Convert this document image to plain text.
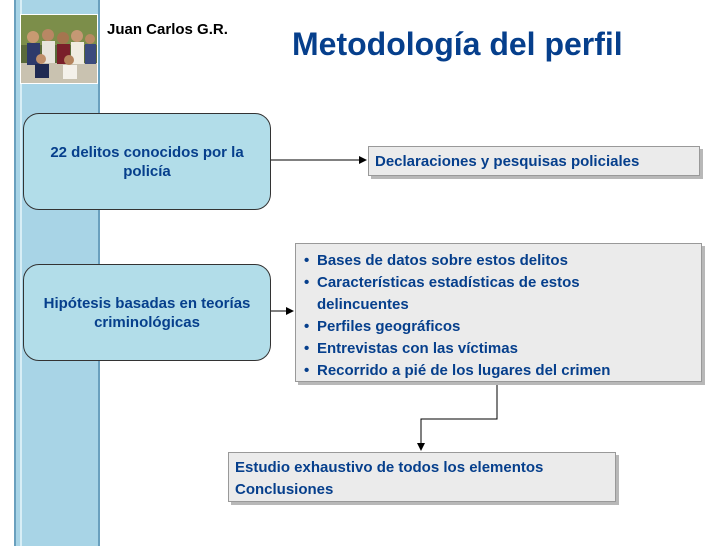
Juan Carlos G.R. Metodología del perfil
22 delitos conocidos por la policía
Hipótesis basadas en teorías criminológicas
Declaraciones y pesquisas policiales
• Bases de datos sobre estos delitos
• Características estadísticas de estos delincuentes
• Perfiles geográficos
• Entrevistas con las víctimas
• Recorrido a pié de los lugares del crimen
Estudio exhaustivo de todos los elementos
Conclusiones
